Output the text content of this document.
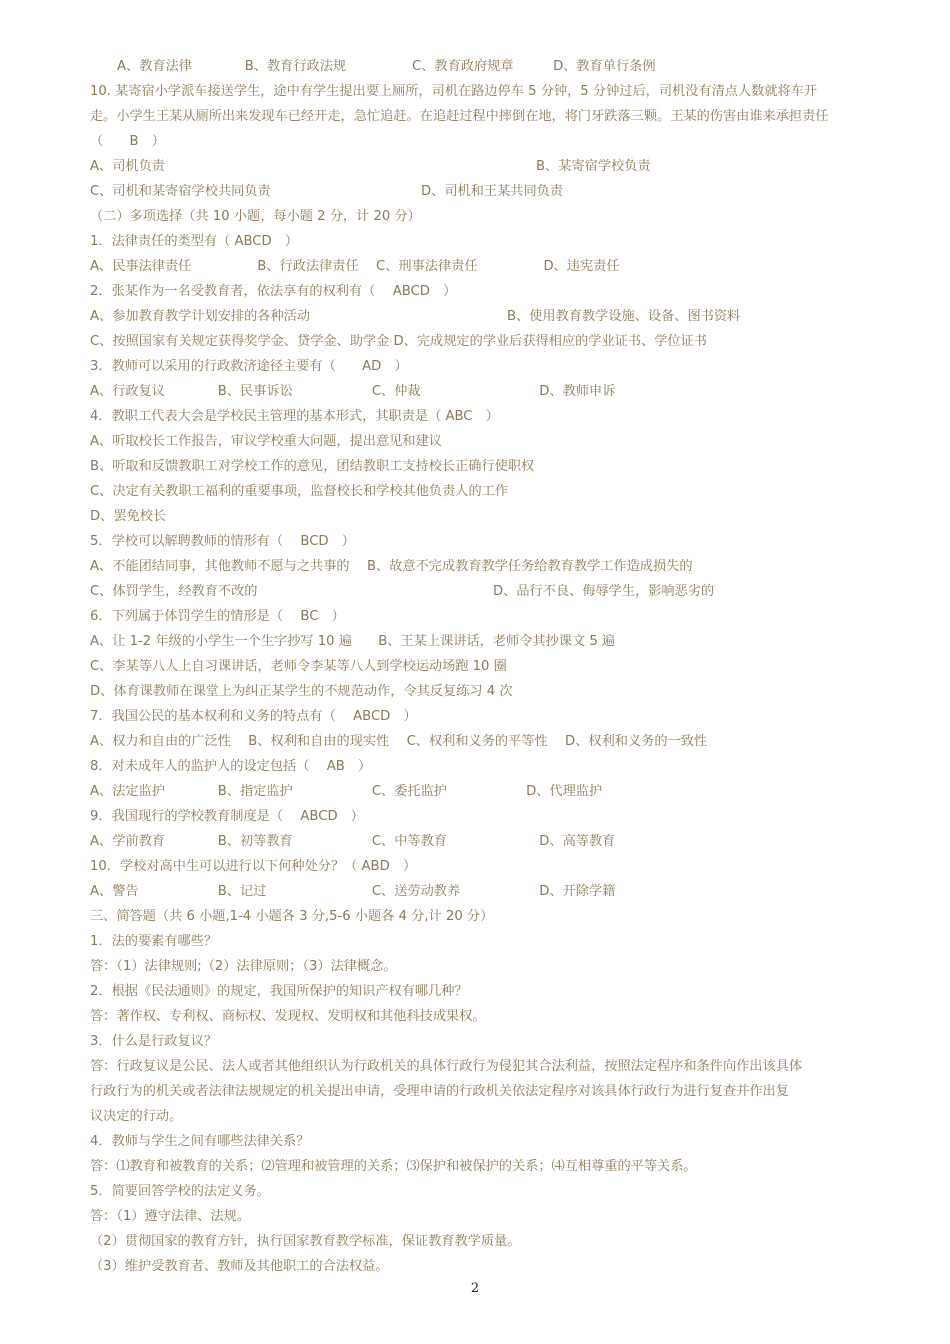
A、教育法律　　　　B、教育行政法规　　　　　C、教育政府规章　　　D、教育单行条例
10. 某寄宿小学派车接送学生，途中有学生提出要上厕所，司机在路边停车 5 分钟，5 分钟过后，司机没有清点人数就将车开
走。小学生王某从厕所出来发现车已经开走，急忙追赶。在追赶过程中摔倒在地，将门牙跌落三颗。王某的伤害由谁来承担责任
（　　B　）
A、司机负责	B、某寄宿学校负责
C、司机和某寄宿学校共同负责	D、司机和王某共同负责
（二）多项选择（共 10 小题，每小题 2 分，计 20 分）
1．法律责任的类型有（ ABCD　）
A、民事法律责任　　　　　B、行政法律责任　 C、刑事法律责任　　　　　D、违宪责任
2．张某作为一名受教育者，依法享有的权利有（　 ABCD　）
A、参加教育教学计划安排的各种活动	B、使用教育教学设施、设备、图书资料
C、按照国家有关规定获得奖学金、贷学金、助学金 D、完成规定的学业后获得相应的学业证书、学位证书
3．教师可以采用的行政救济途径主要有（　　AD　）
A、行政复议　　　　B、民事诉讼　　　　　　C、仲裁　　　　　　　　　D、教师申诉
4．教职工代表大会是学校民主管理的基本形式，其职责是（ ABC　）
A、听取校长工作报告，审议学校重大问题，提出意见和建议
B、听取和反馈教职工对学校工作的意见，团结教职工支持校长正确行使职权
C、决定有关教职工福利的重要事项，监督校长和学校其他负责人的工作
D、罢免校长
5．学校可以解聘教师的情形有（　 BCD　）
A、不能团结同事，其他教师不愿与之共事的　 B、故意不完成教育教学任务给教育教学工作造成损失的
C、体罚学生，经教育不改的	D、品行不良、侮辱学生，影响恶劣的
6．下列属于体罚学生的情形是（　 BC　）
A、让 1-2 年级的小学生一个生字抄写 10 遍　　B、王某上课讲话，老师令其抄课文 5 遍
C、李某等八人上自习课讲话，老师令李某等八人到学校运动场跑 10 圈
D、体育课教师在课堂上为纠正某学生的不规范动作，令其反复练习 4 次
7．我国公民的基本权利和义务的特点有（　 ABCD　）
A、权力和自由的广泛性　 B、权利和自由的现实性　 C、权利和义务的平等性　 D、权利和义务的一致性
8．对未成年人的监护人的设定包括（　 AB　）
A、法定监护　　　　B、指定监护　　　　　　C、委托监护　　　　　　D、代理监护
9．我国现行的学校教育制度是（　 ABCD　）
A、学前教育　　　　B、初等教育　　　　　　C、中等教育　　　　　　　D、高等教育
10．学校对高中生可以进行以下何种处分？（ ABD　）
A、警告　　　　　　B、记过　　　　　　　　C、送劳动教养　　　　　　D、开除学籍
三、简答题（共 6 小题,1-4 小题各 3 分,5-6 小题各 4 分,计 20 分）
1．法的要素有哪些？
答：（1）法律规则;（2）法律原则；（3）法律概念。
2．根据《民法通则》的规定，我国所保护的知识产权有哪几种？
答：著作权、专利权、商标权、发现权、发明权和其他科技成果权。
3．什么是行政复议？
答：行政复议是公民、法人或者其他组织认为行政机关的具体行政行为侵犯其合法利益，按照法定程序和条件向作出该具体
行政行为的机关或者法律法规规定的机关提出申请，受理申请的行政机关依法定程序对该具体行政行为进行复查并作出复
议决定的行动。
4．教师与学生之间有哪些法律关系？
答：⑴教育和被教育的关系；⑵管理和被管理的关系；⑶保护和被保护的关系；⑷互相尊重的平等关系。
5．简要回答学校的法定义务。
答：（1）遵守法律、法规。
（2）贯彻国家的教育方针，执行国家教育教学标准，保证教育教学质量。
（3）维护受教育者、教师及其他职工的合法权益。
2
